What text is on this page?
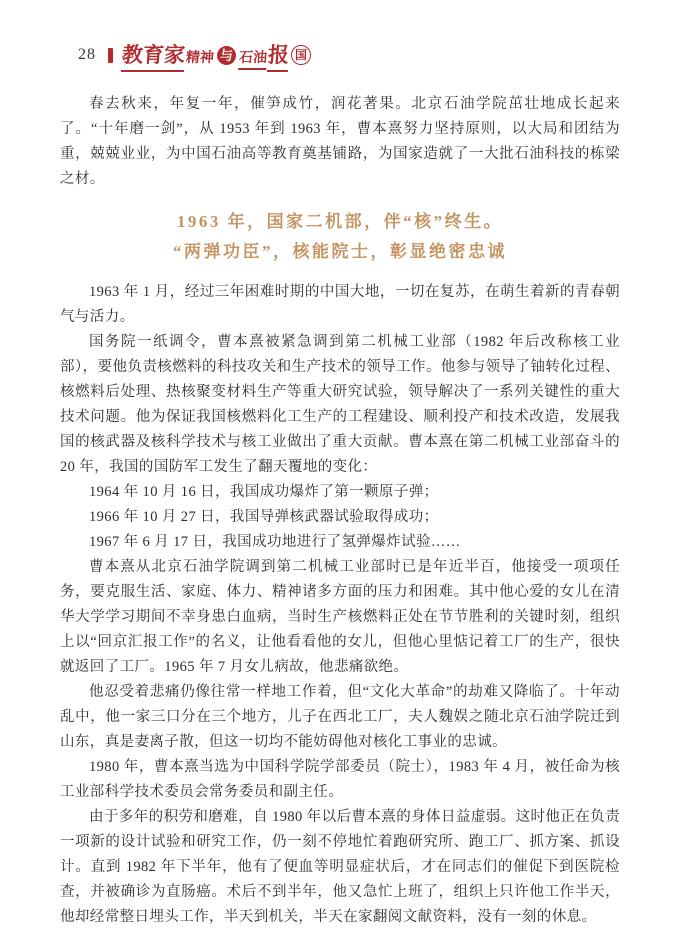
28 教育家 精神 与 石油 报 国

春去秋来，年复一年，催笋成竹，润花著果。北京石油学院茁壮地成长起来了。“十年磨一剑”，从 1953 年到 1963 年，曹本熹努力坚持原则，以大局和团结为重，兢兢业业，为中国石油高等教育奠基铺路，为国家造就了一大批石油科技的栋梁之材。

1963 年，国家二机部，伴“核”终生。
“两弹功臣”，核能院士，彰显绝密忠诚

1963 年 1 月，经过三年困难时期的中国大地，一切在复苏，在萌生着新的青春朝气与活力。

国务院一纸调令，曹本熹被紧急调到第二机械工业部（1982 年后改称核工业部），要他负责核燃料的科技攻关和生产技术的领导工作。他参与领导了铀转化过程、核燃料后处理、热核聚变材料生产等重大研究试验，领导解决了一系列关键性的重大技术问题。他为保证我国核燃料化工生产的工程建设、顺利投产和技术改造，发展我国的核武器及核科学技术与核工业做出了重大贡献。曹本熹在第二机械工业部奋斗的 20 年，我国的国防军工发生了翻天覆地的变化：

1964 年 10 月 16 日，我国成功爆炸了第一颗原子弹；

1966 年 10 月 27 日，我国导弹核武器试验取得成功；

1967 年 6 月 17 日，我国成功地进行了氢弹爆炸试验……

曹本熹从北京石油学院调到第二机械工业部时已是年近半百，他接受一项项任务，要克服生活、家庭、体力、精神诸多方面的压力和困难。其中他心爱的女儿在清华大学学习期间不幸身患白血病，当时生产核燃料正处在节节胜利的关键时刻，组织上以“回京汇报工作”的名义，让他看看他的女儿，但他心里惦记着工厂的生产，很快就返回了工厂。1965 年 7 月女儿病故，他悲痛欲绝。

他忍受着悲痛仍像往常一样地工作着，但“文化大革命”的劫难又降临了。十年动乱中，他一家三口分在三个地方，儿子在西北工厂，夫人魏娱之随北京石油学院迁到山东，真是妻离子散，但这一切均不能妨碍他对核化工事业的忠诚。

1980 年，曹本熹当选为中国科学院学部委员（院士），1983 年 4 月，被任命为核工业部科学技术委员会常务委员和副主任。

由于多年的积劳和磨难，自 1980 年以后曹本熹的身体日益虚弱。这时他正在负责一项新的设计试验和研究工作，仍一刻不停地忙着跑研究所、跑工厂、抓方案、抓设计。直到 1982 年下半年，他有了便血等明显症状后，才在同志们的催促下到医院检查，并被确诊为直肠癌。术后不到半年，他又急忙上班了，组织上只许他工作半天，他却经常整日埋头工作，半天到机关，半天在家翻阅文献资料，没有一刻的休息。
